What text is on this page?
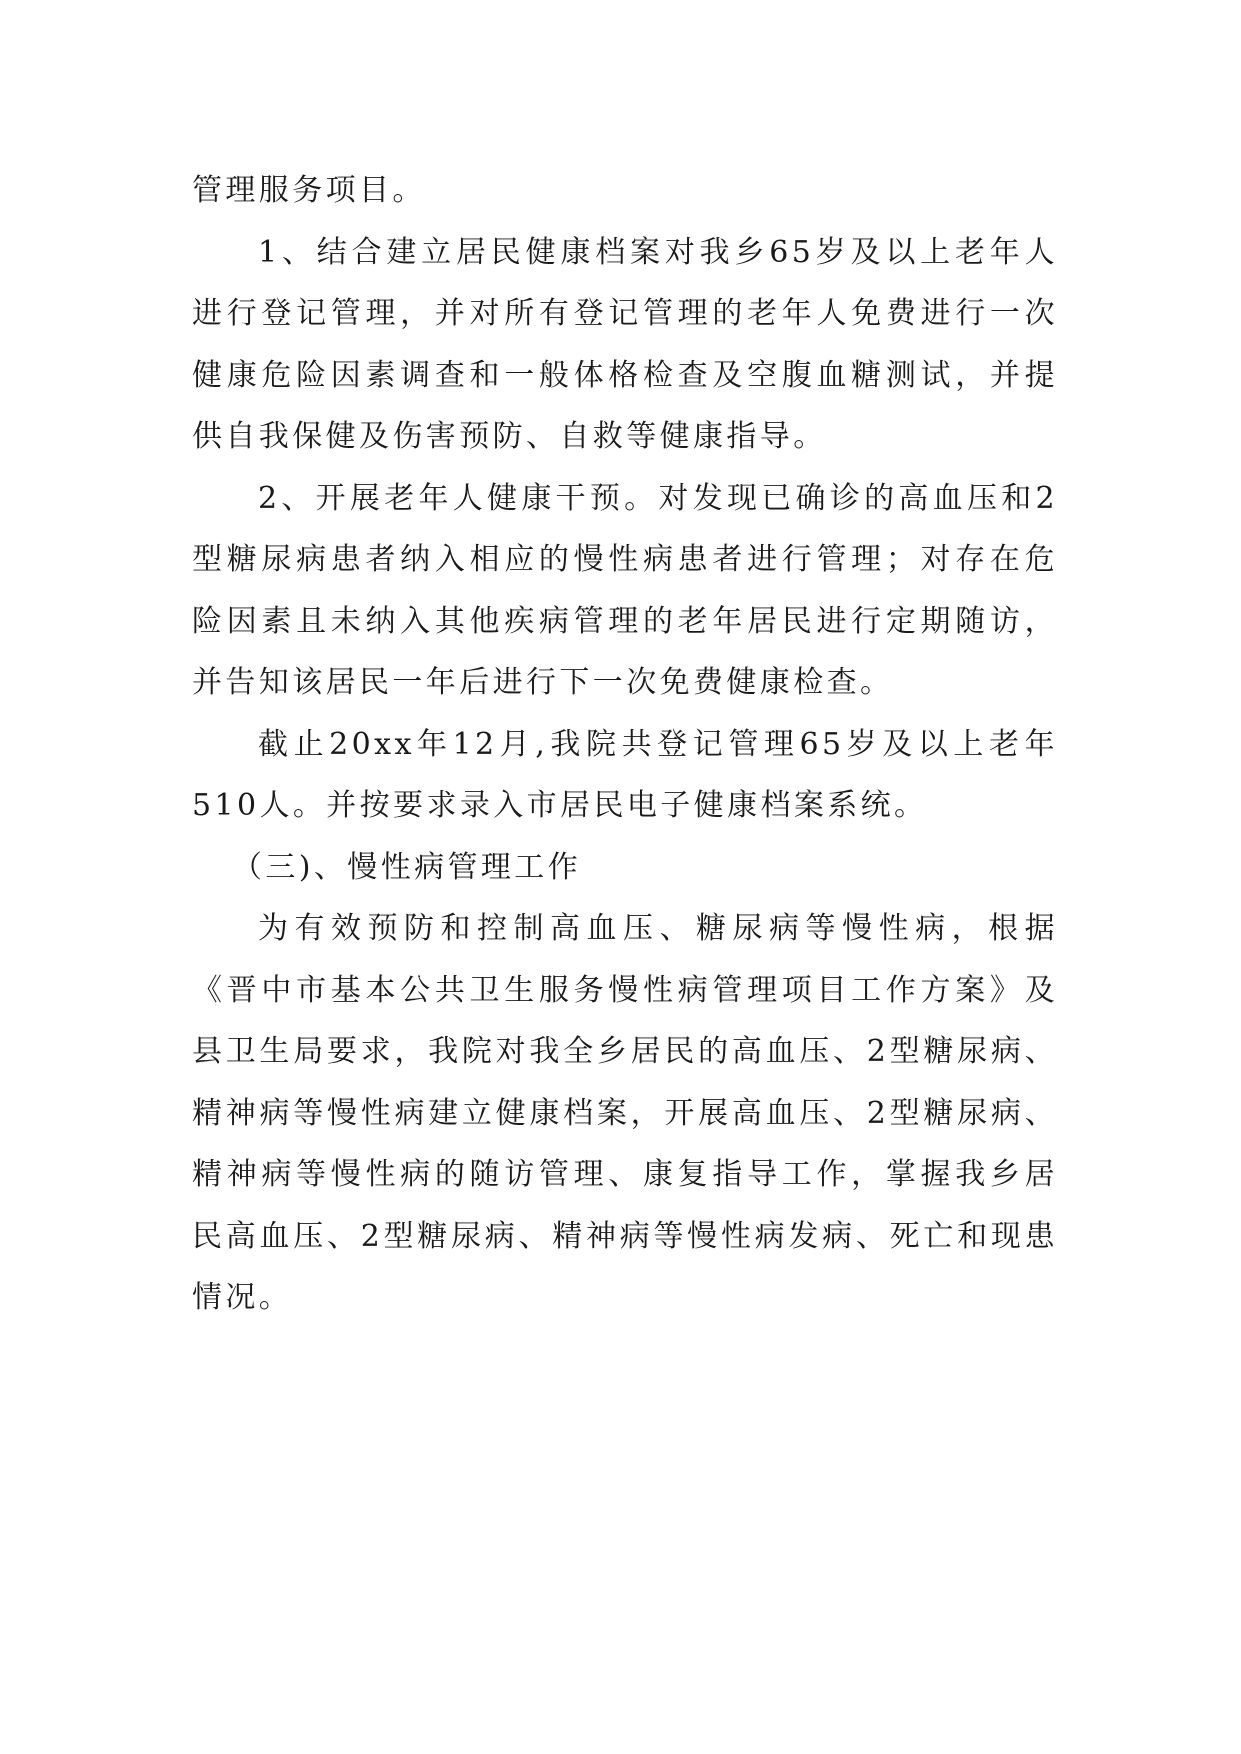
管理服务项目。

1、结合建立居民健康档案对我乡65岁及以上老年人进行登记管理，并对所有登记管理的老年人免费进行一次健康危险因素调查和一般体格检查及空腹血糖测试，并提供自我保健及伤害预防、自救等健康指导。

2、开展老年人健康干预。对发现已确诊的高血压和2型糖尿病患者纳入相应的慢性病患者进行管理；对存在危险因素且未纳入其他疾病管理的老年居民进行定期随访，并告知该居民一年后进行下一次免费健康检查。

截止20xx年12月,我院共登记管理65岁及以上老年510人。并按要求录入市居民电子健康档案系统。

（三)、慢性病管理工作

为有效预防和控制高血压、糖尿病等慢性病，根据《晋中市基本公共卫生服务慢性病管理项目工作方案》及县卫生局要求，我院对我全乡居民的高血压、2型糖尿病、精神病等慢性病建立健康档案，开展高血压、2型糖尿病、精神病等慢性病的随访管理、康复指导工作，掌握我乡居民高血压、2型糖尿病、精神病等慢性病发病、死亡和现患情况。
